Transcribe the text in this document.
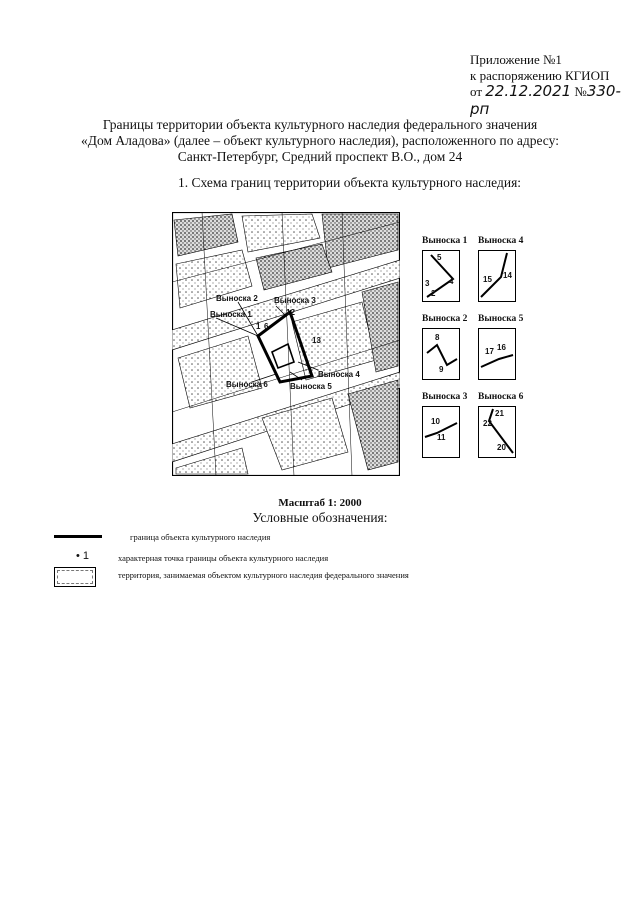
Приложение №1
к распоряжению КГИОП
от 22.12.2021 №330-рп
Границы территории объекта культурного наследия федерального значения
«Дом Аладова» (далее – объект культурного наследия), расположенного по адресу:
Санкт-Петербург, Средний проспект В.О., дом 24
1. Схема границ территории объекта культурного наследия:
Выноска 2 Выноска 3
Выноска 1
Выноска 4
Выноска 5
Выноска 6
1 6
12
13
Выноска 1
5
3 4
2
Выноска 4
15 14
Выноска 2
8
9
Выноска 5
17 16
Выноска 3
10
11
Выноска 6
21
22
20
Масштаб 1: 2000
Условные обозначения:
граница объекта культурного наследия
• 1	характерная точка границы объекта культурного наследия
территория, занимаемая объектом культурного наследия федерального значения
